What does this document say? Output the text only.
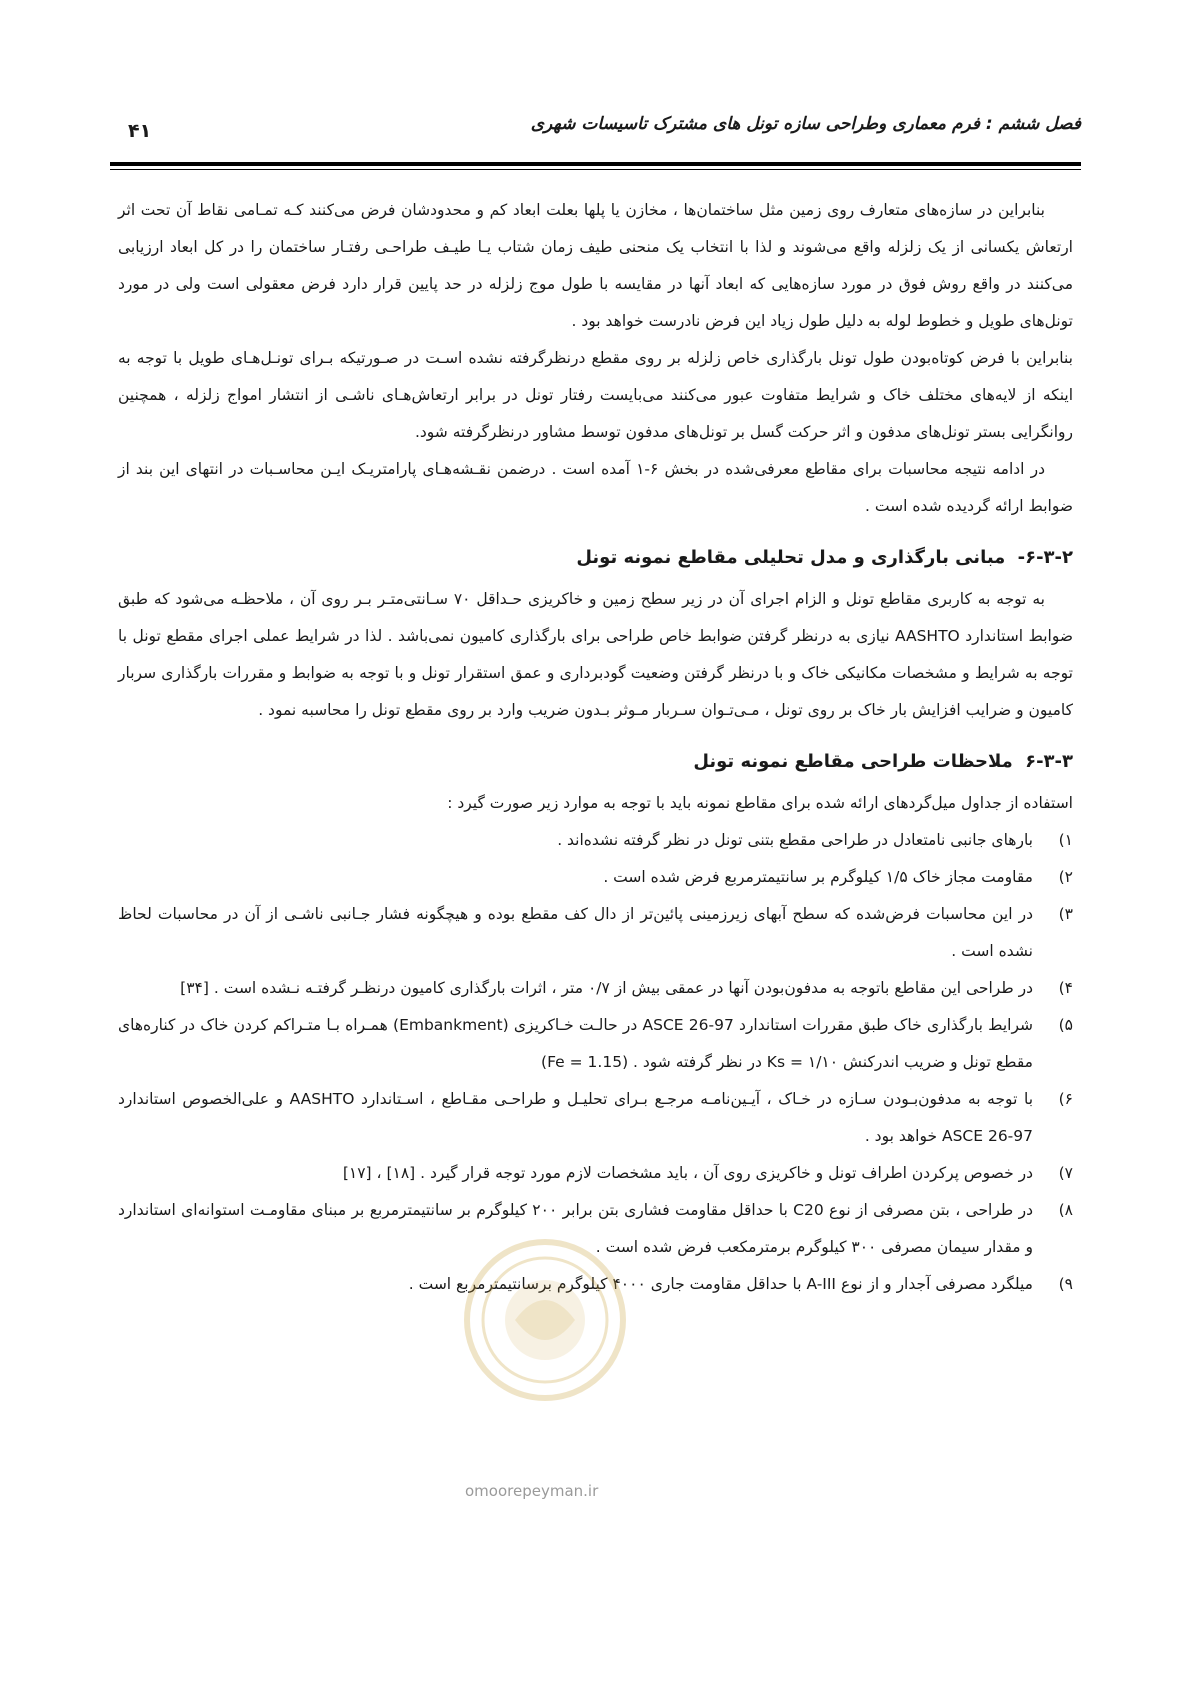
فصل ششم : فرم معماری وطراحی سازه تونل های مشترک تاسیسات شهری
۴۱

بنابراین در سازه‌های متعارف روی زمین مثل ساختمان‌ها ، مخازن یا پلها بعلت ابعاد کم و محدودشان فرض می‌کنند کـه تمـامی نقاط آن تحت اثر ارتعاش یکسانی از یک زلزله واقع می‌شوند و لذا با انتخاب یک منحنی طیف زمان شتاب یـا طیـف طراحـی رفتـار ساختمان را در کل ابعاد ارزیابی می‌کنند در واقع روش فوق در مورد سازه‌هایی که ابعاد آنها در مقایسه با طول موج زلزله در حد پایین قرار دارد فرض معقولی است ولی در مورد تونل‌های طویل و خطوط لوله به دلیل طول زیاد این فرض نادرست خواهد بود .

بنابراین با فرض کوتاه‌بودن طول تونل بارگذاری خاص زلزله بر روی مقطع درنظرگرفته نشده اسـت در صـورتیکه بـرای تونـل‌هـای طویل با توجه به اینکه از لایه‌های مختلف خاک و شرایط متفاوت عبور می‌کنند می‌بایست رفتار تونل در برابر ارتعاش‌هـای ناشـی از انتشار امواج زلزله ، همچنین روانگرایی بستر تونل‌های مدفون و اثر حرکت گسل بر تونل‌های مدفون توسط مشاور درنظرگرفته شود.

در ادامه نتیجه محاسبات برای مقاطع معرفی‌شده در بخش ۶-۱ آمده است . درضمن نقـشه‌هـای پارامتریـک ایـن محاسـبات در انتهای این بند از ضوابط ارائه گردیده شده است .

۶-۳-۲- مبانی بارگذاری و مدل تحلیلی مقاطع نمونه تونل

به توجه به کاربری مقاطع تونل و الزام اجرای آن در زیر سطح زمین و خاکریزی حـداقل ۷۰ سـانتی‌متـر بـر روی آن ، ملاحظـه می‌شود که طبق ضوابط استاندارد AASHTO نیازی به درنظر گرفتن ضوابط خاص طراحی برای بارگذاری کامیون نمی‌باشد . لذا در شرایط عملی اجرای مقطع تونل با توجه به شرایط و مشخصات مکانیکی خاک و با درنظر گرفتن وضعیت گودبرداری و عمق استقرار تونل و با توجه به ضوابط و مقررات بارگذاری سربار کامیون و ضرایب افزایش بار خاک بر روی تونل ، مـی‌تـوان سـربار مـوثر بـدون ضریب وارد بر روی مقطع تونل را محاسبه نمود .

۶-۳-۳ ملاحظات طراحی مقاطع نمونه تونل

استفاده از جداول میل‌گردهای ارائه شده برای مقاطع نمونه باید با توجه به موارد زیر صورت گیرد :

۱)
بارهای جانبی نامتعادل در طراحی مقطع بتنی تونل در نظر گرفته نشده‌اند .
۲)
مقاومت مجاز خاک ۱/۵ کیلوگرم بر سانتیمترمربع فرض شده است .
۳)
در این محاسبات فرض‌شده که سطح آبهای زیرزمینی پائین‌تر از دال کف مقطع بوده و هیچگونه فشار جـانبی ناشـی از آن در محاسبات لحاظ نشده است .
۴)
در طراحی این مقاطع باتوجه به مدفون‌بودن آنها در عمقی بیش از ۰/۷ متر ، اثرات بارگذاری کامیون درنظـر گرفتـه نـشده است . [۳۴]
۵)
شرایط بارگذاری خاک طبق مقررات استاندارد ASCE 26-97 در حالـت خـاکریزی (Embankment) همـراه بـا متـراکم کردن خاک در کناره‌های مقطع تونل و ضریب اندرکنش Ks = ۱/۱۰ در نظر گرفته شود . (Fe = 1.15)
۶)
با توجه به مدفون‌بـودن سـازه در خـاک ، آیـین‌نامـه مرجـع بـرای تحلیـل و طراحـی مقـاطع ، اسـتاندارد AASHTO و علی‌الخصوص استاندارد ASCE 26-97 خواهد بود .
۷)
در خصوص پرکردن اطراف تونل و خاکریزی روی آن ، باید مشخصات لازم مورد توجه قرار گیرد . [۱۸] ، [۱۷]
۸)
در طراحی ، بتن مصرفی از نوع C20 با حداقل مقاومت فشاری بتن برابر ۲۰۰ کیلوگرم بر سانتیمترمربع بر مبنای مقاومـت استوانه‌ای استاندارد و مقدار سیمان مصرفی ۳۰۰ کیلوگرم برمترمکعب فرض شده است .
۹)
میلگرد مصرفی آجدار و از نوع A-III با حداقل مقاومت جاری ۴۰۰۰ کیلوگرم برسانتیمترمربع است .
omoorepeyman.ir
